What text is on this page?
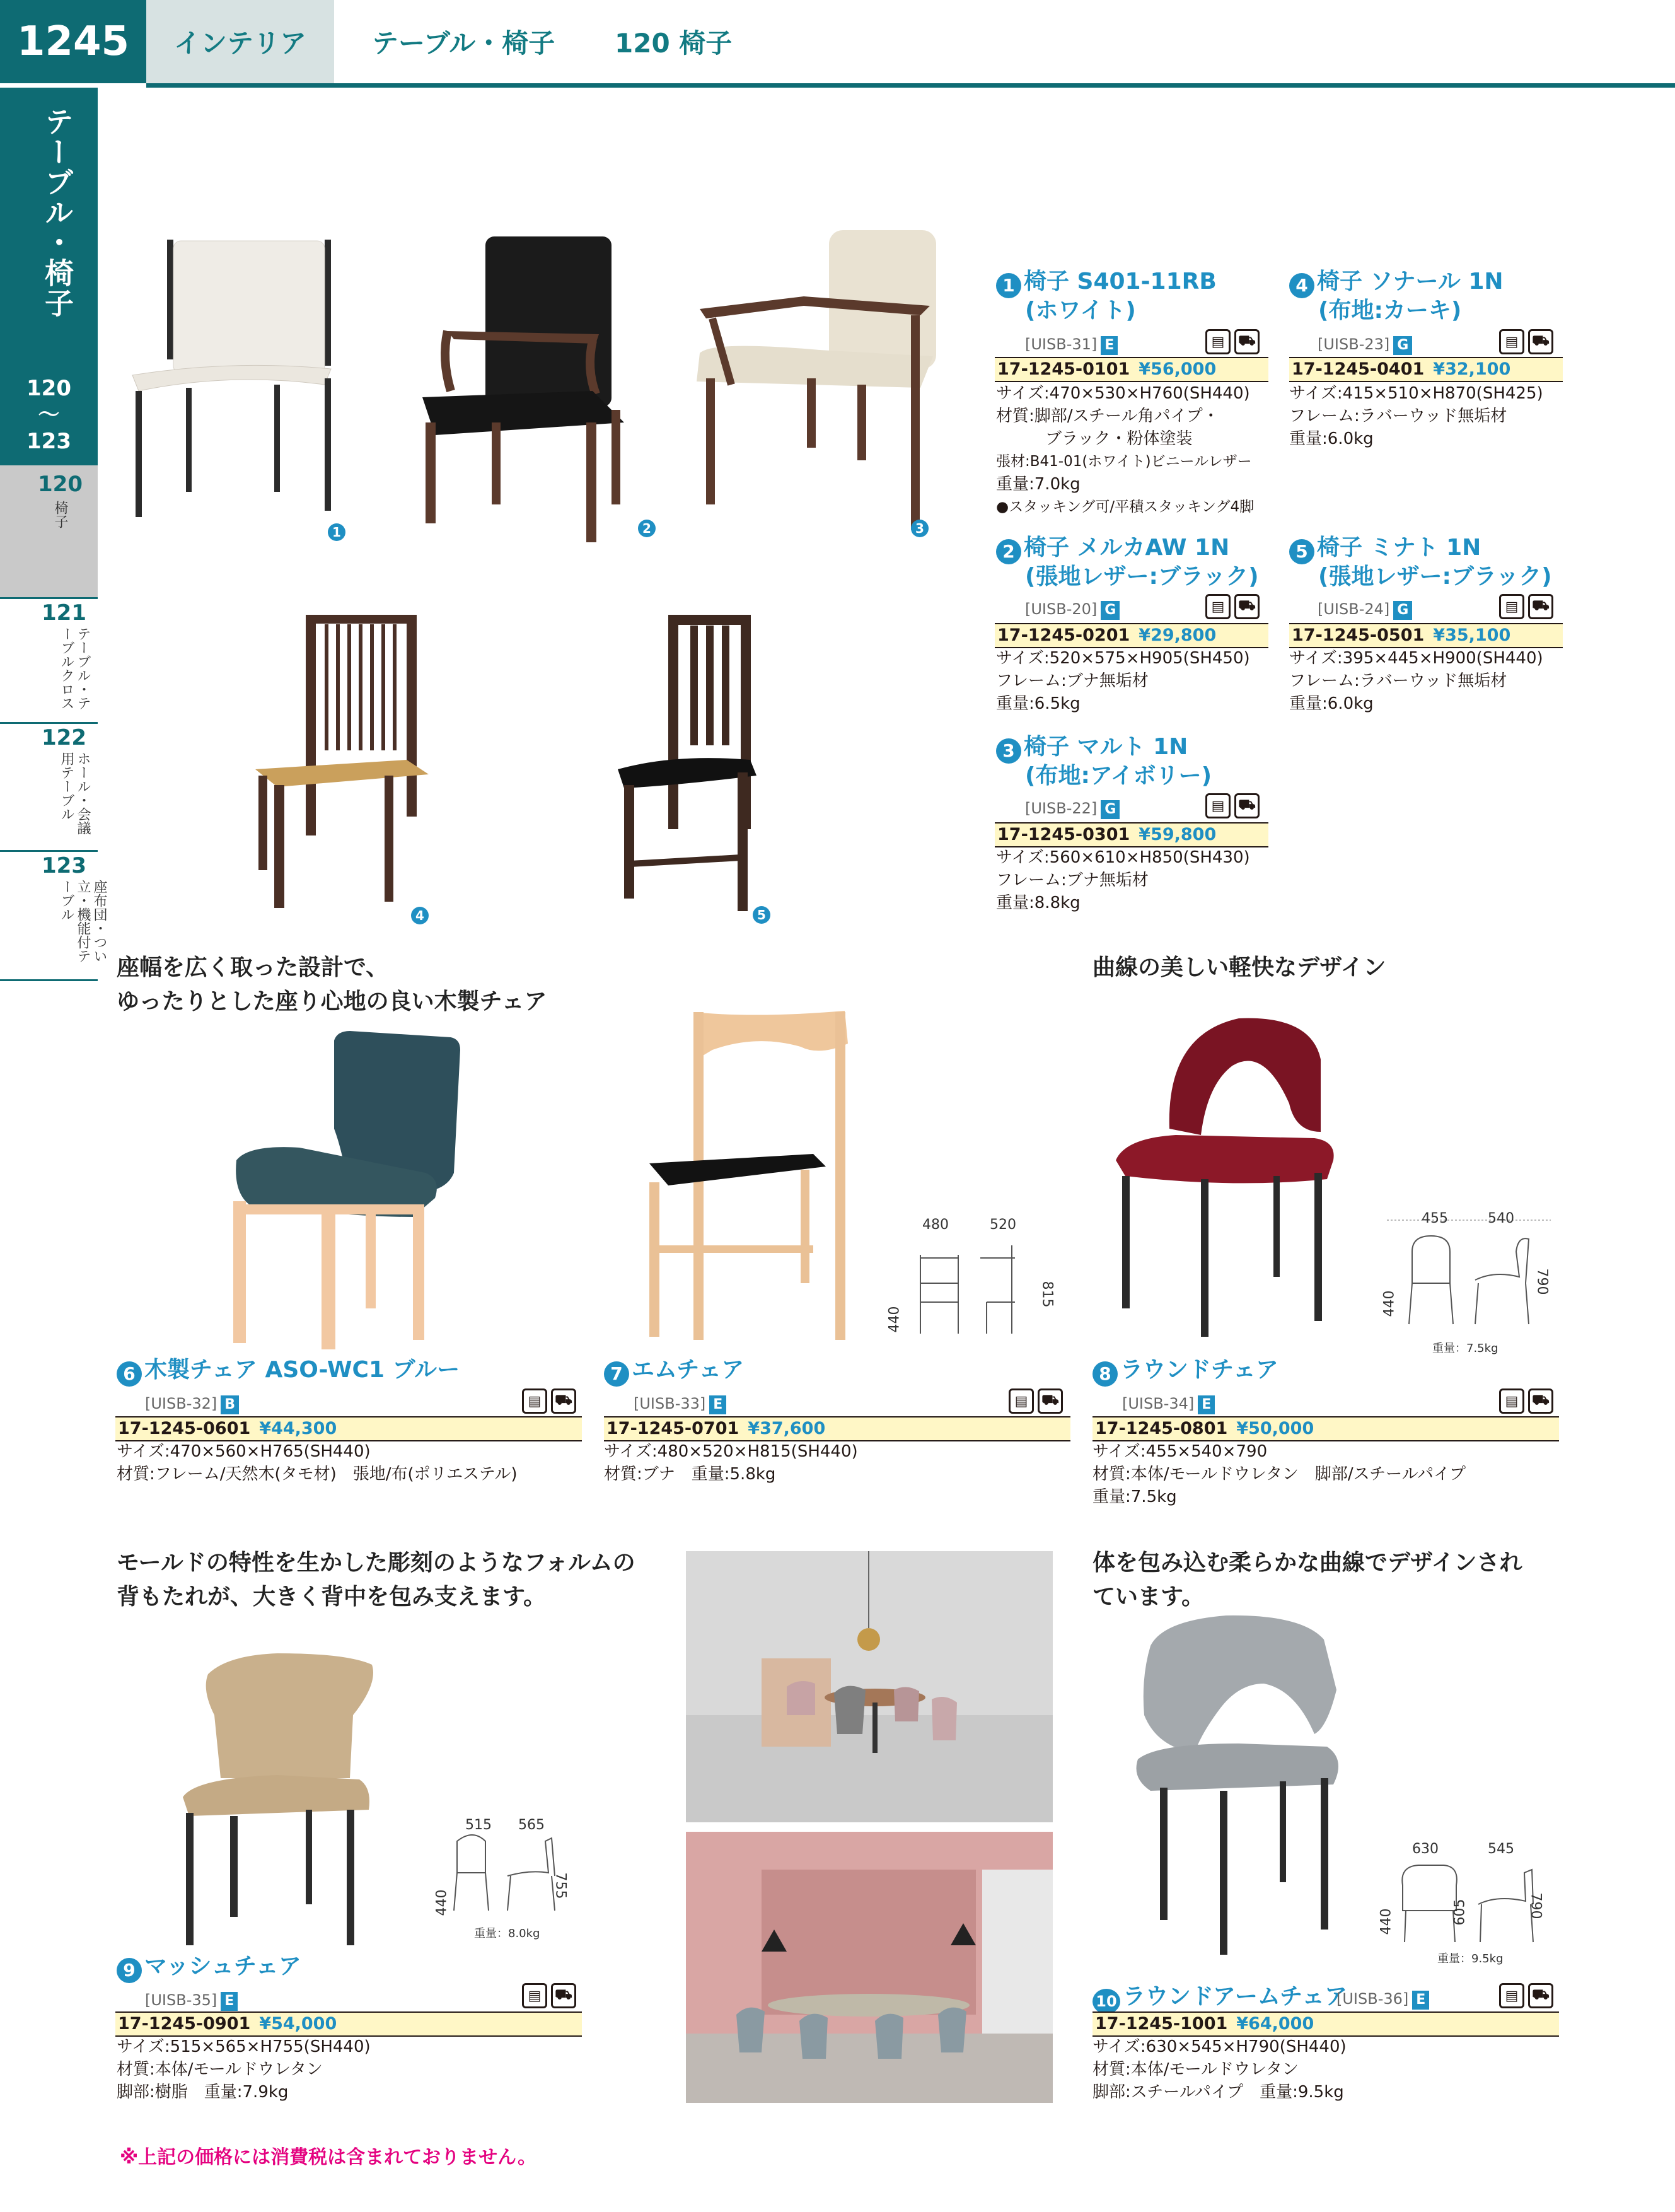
1245	インテリア	テーブル・椅子 120 椅子
テーブル・椅子
120
〜
123
120
椅子
121
テーブル・テーブルクロス
122
ホール・会議用テーブル
123
座布団・つい立・機能付テーブル
1	2	3
4	5
1 椅子 S401-11RB
(ホワイト)
[UISB-31] E	▤ ⛟
17-1245-0101 ¥56,000
サイズ:470×530×H760(SH440)
材質:脚部/スチール角パイプ・
　　　ブラック・粉体塗装
張材:B41-01(ホワイト)ビニールレザー
重量:7.0kg
●スタッキング可/平積スタッキング4脚
4 椅子 ソナール 1N
(布地:カーキ)
[UISB-23] G	▤ ⛟
17-1245-0401 ¥32,100
サイズ:415×510×H870(SH425)
フレーム:ラバーウッド無垢材
重量:6.0kg
2 椅子 メルカAW 1N
(張地レザー:ブラック)
[UISB-20] G	▤ ⛟
17-1245-0201 ¥29,800
サイズ:520×575×H905(SH450)
フレーム:ブナ無垢材
重量:6.5kg
5 椅子 ミナト 1N
(張地レザー:ブラック)
[UISB-24] G	▤ ⛟
17-1245-0501 ¥35,100
サイズ:395×445×H900(SH440)
フレーム:ラバーウッド無垢材
重量:6.0kg
3 椅子 マルト 1N
(布地:アイボリー)
[UISB-22] G	▤ ⛟
17-1245-0301 ¥59,800
サイズ:560×610×H850(SH430)
フレーム:ブナ無垢材
重量:8.8kg
座幅を広く取った設計で、
ゆったりとした座り心地の良い木製チェア
曲線の美しい軽快なデザイン
480	520
440
815
455	540
440
790
重量：7.5kg
6 木製チェア ASO-WC1 ブルー
[UISB-32] B	▤ ⛟
17-1245-0601 ¥44,300
サイズ:470×560×H765(SH440)
材質:フレーム/天然木(タモ材)　張地/布(ポリエステル)
7 エムチェア
[UISB-33] E	▤ ⛟
17-1245-0701 ¥37,600
サイズ:480×520×H815(SH440)
材質:ブナ　重量:5.8kg
8 ラウンドチェア
[UISB-34] E	▤ ⛟
17-1245-0801 ¥50,000
サイズ:455×540×790
材質:本体/モールドウレタン　脚部/スチールパイプ
重量:7.5kg
モールドの特性を生かした彫刻のようなフォルムの
背もたれが、大きく背中を包み支えます。
体を包み込む柔らかな曲線でデザインされ
ています。
515 565
440
755
重量：8.0kg
630	545
440	605	790
重量：9.5kg
9 マッシュチェア
[UISB-35] E	▤ ⛟
17-1245-0901 ¥54,000
サイズ:515×565×H755(SH440)
材質:本体/モールドウレタン
脚部:樹脂　重量:7.9kg
10 ラウンドアームチェア
[UISB-36] E	▤ ⛟
17-1245-1001 ¥64,000
サイズ:630×545×H790(SH440)
材質:本体/モールドウレタン
脚部:スチールパイプ　重量:9.5kg
※上記の価格には消費税は含まれておりません。
